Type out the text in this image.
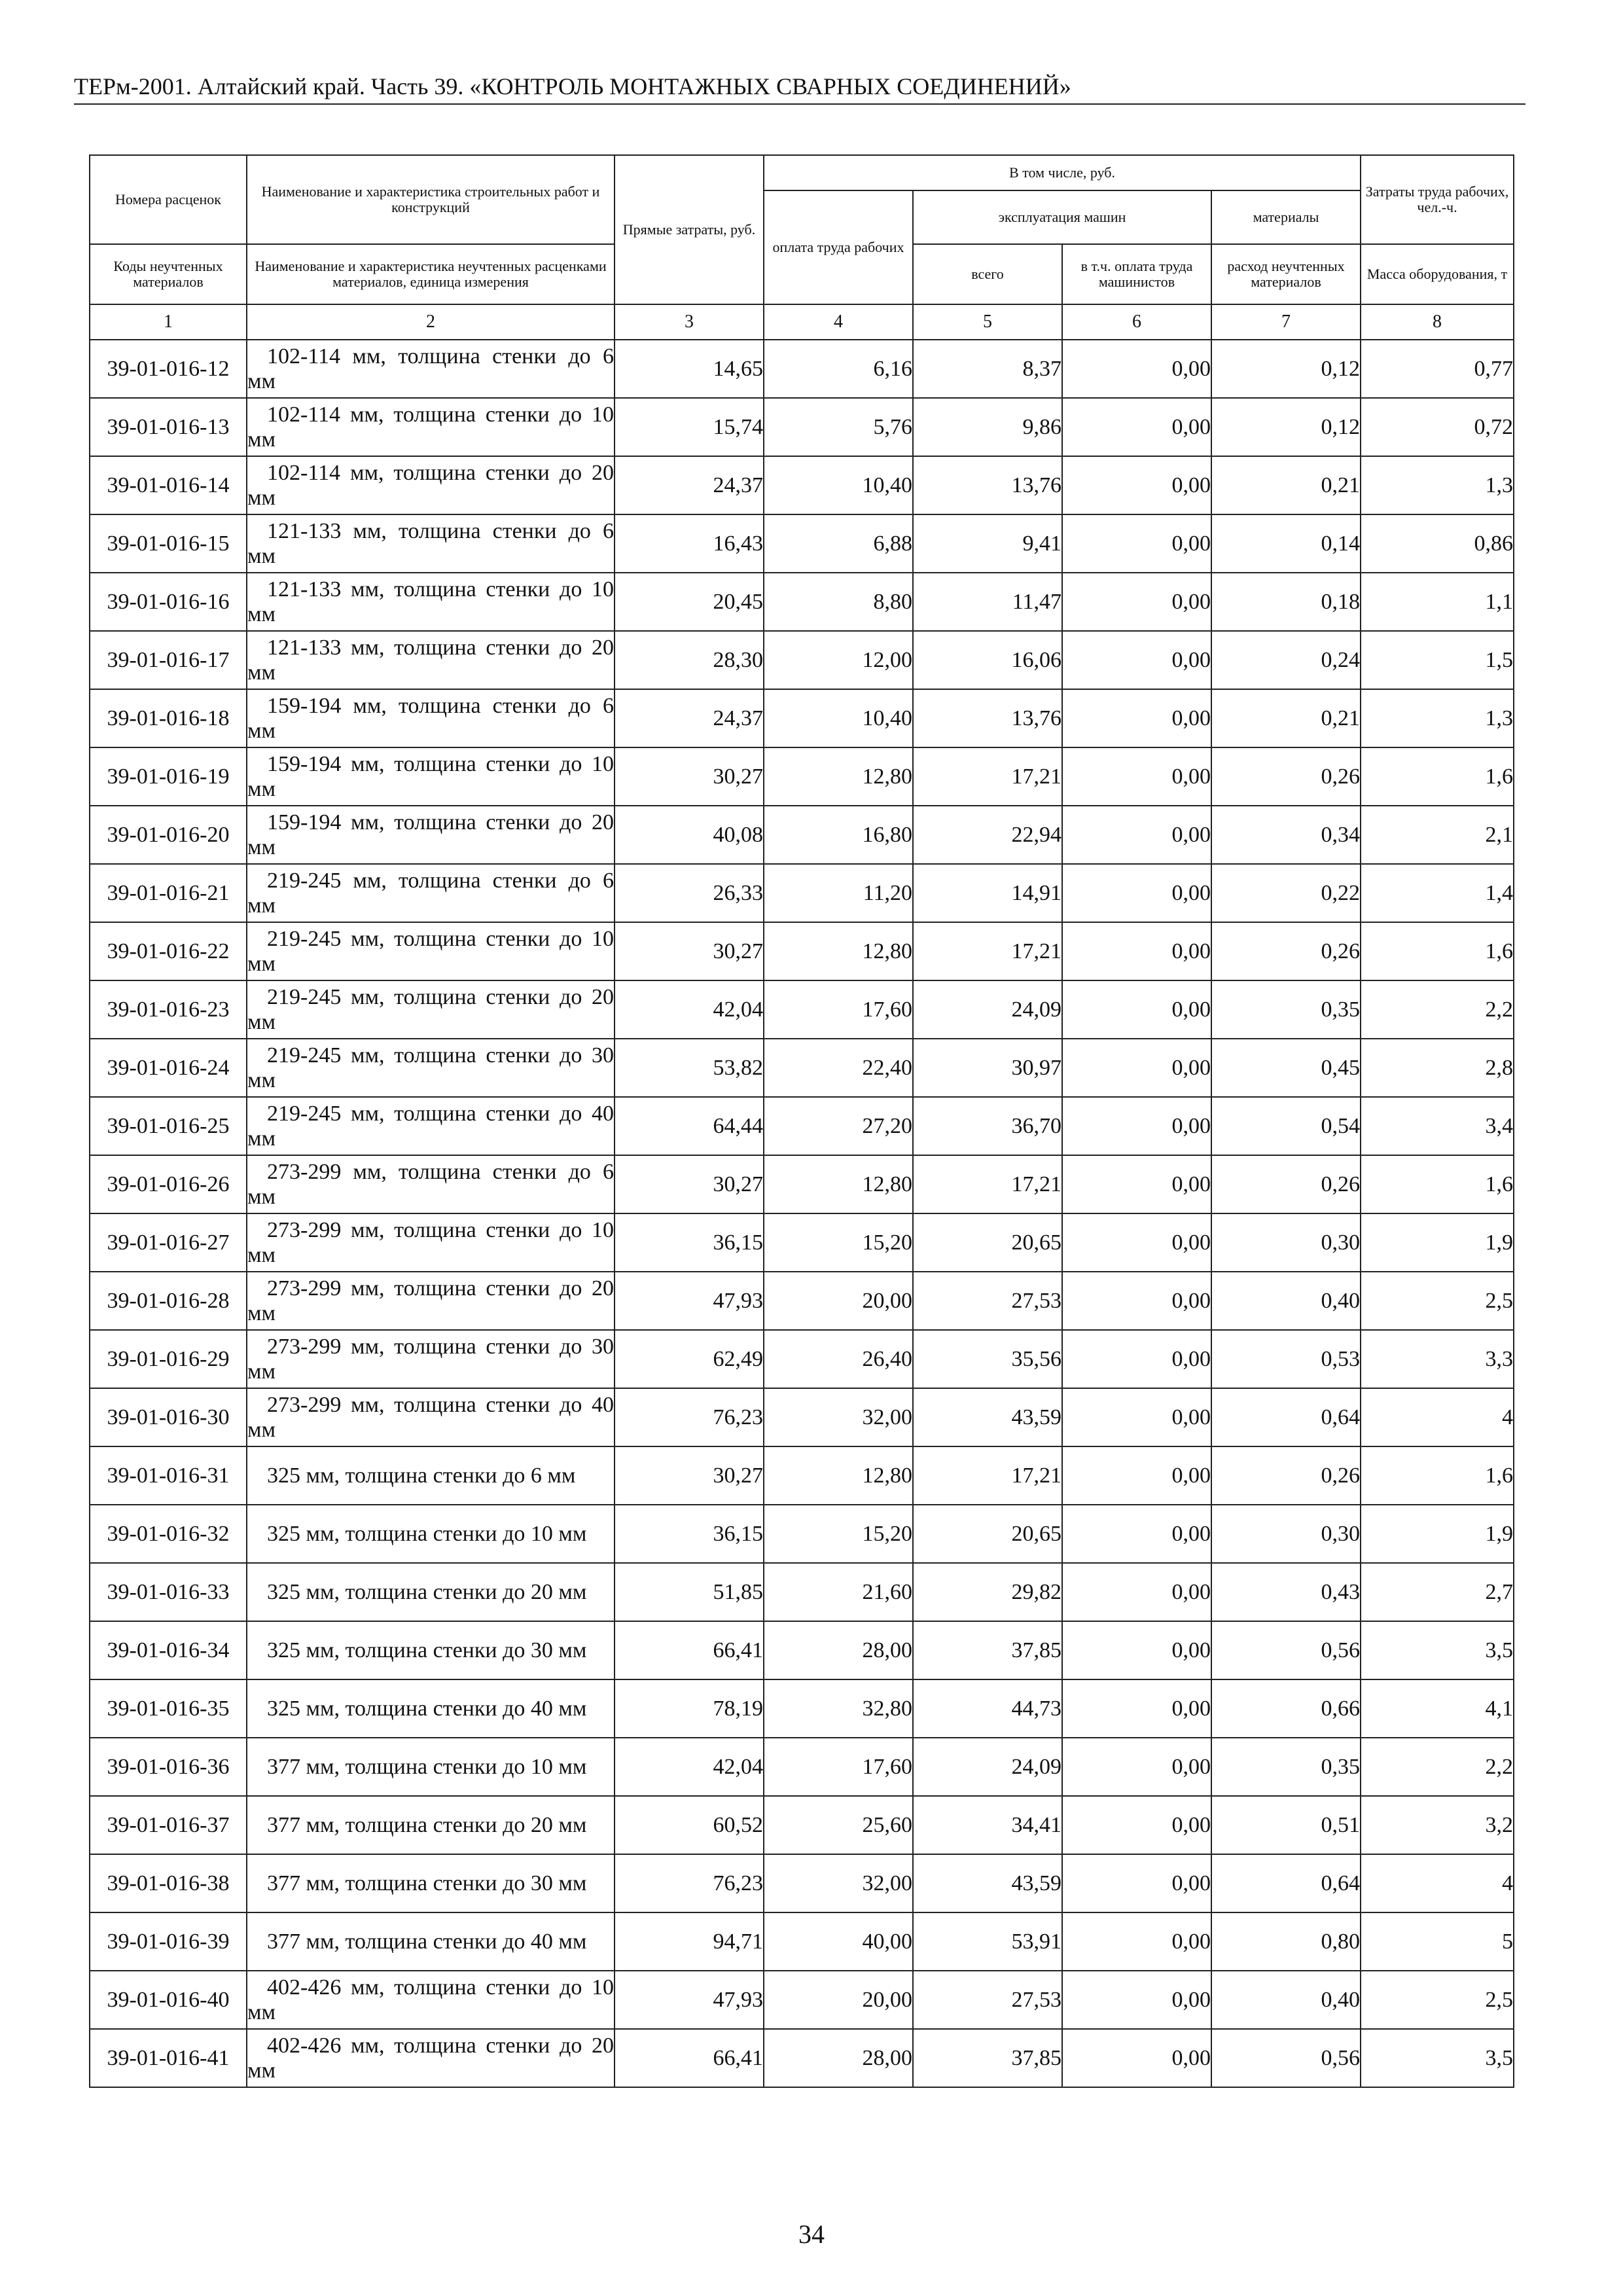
ТЕРм-2001. Алтайский край. Часть 39. «КОНТРОЛЬ МОНТАЖНЫХ СВАРНЫХ СОЕДИНЕНИЙ»
Номера расценок	Наименование и характеристика строительных работ и конструкций	Прямые затраты, руб.	В том числе, руб.				Затраты труда рабочих, чел.-ч.
			оплата труда рабочих	эксплуатация машин		материалы	
Коды неучтенных материалов	Наименование и характеристика неучтенных расценками материалов, единица измерения			всего	в т.ч. оплата труда машинистов	расход неучтенных материалов	Масса оборудования, т
1	2	3	4	5	6	7	8
39-01-016-12	102-114 мм, толщина стенки до 6 мм	14,65	6,16	8,37	0,00	0,12	0,77
39-01-016-13	102-114 мм, толщина стенки до 10 мм	15,74	5,76	9,86	0,00	0,12	0,72
39-01-016-14	102-114 мм, толщина стенки до 20 мм	24,37	10,40	13,76	0,00	0,21	1,3
39-01-016-15	121-133 мм, толщина стенки до 6 мм	16,43	6,88	9,41	0,00	0,14	0,86
39-01-016-16	121-133 мм, толщина стенки до 10 мм	20,45	8,80	11,47	0,00	0,18	1,1
39-01-016-17	121-133 мм, толщина стенки до 20 мм	28,30	12,00	16,06	0,00	0,24	1,5
39-01-016-18	159-194 мм, толщина стенки до 6 мм	24,37	10,40	13,76	0,00	0,21	1,3
39-01-016-19	159-194 мм, толщина стенки до 10 мм	30,27	12,80	17,21	0,00	0,26	1,6
39-01-016-20	159-194 мм, толщина стенки до 20 мм	40,08	16,80	22,94	0,00	0,34	2,1
39-01-016-21	219-245 мм, толщина стенки до 6 мм	26,33	11,20	14,91	0,00	0,22	1,4
39-01-016-22	219-245 мм, толщина стенки до 10 мм	30,27	12,80	17,21	0,00	0,26	1,6
39-01-016-23	219-245 мм, толщина стенки до 20 мм	42,04	17,60	24,09	0,00	0,35	2,2
39-01-016-24	219-245 мм, толщина стенки до 30 мм	53,82	22,40	30,97	0,00	0,45	2,8
39-01-016-25	219-245 мм, толщина стенки до 40 мм	64,44	27,20	36,70	0,00	0,54	3,4
39-01-016-26	273-299 мм, толщина стенки до 6 мм	30,27	12,80	17,21	0,00	0,26	1,6
39-01-016-27	273-299 мм, толщина стенки до 10 мм	36,15	15,20	20,65	0,00	0,30	1,9
39-01-016-28	273-299 мм, толщина стенки до 20 мм	47,93	20,00	27,53	0,00	0,40	2,5
39-01-016-29	273-299 мм, толщина стенки до 30 мм	62,49	26,40	35,56	0,00	0,53	3,3
39-01-016-30	273-299 мм, толщина стенки до 40 мм	76,23	32,00	43,59	0,00	0,64	4
39-01-016-31	325 мм, толщина стенки до 6 мм	30,27	12,80	17,21	0,00	0,26	1,6
39-01-016-32	325 мм, толщина стенки до 10 мм	36,15	15,20	20,65	0,00	0,30	1,9
39-01-016-33	325 мм, толщина стенки до 20 мм	51,85	21,60	29,82	0,00	0,43	2,7
39-01-016-34	325 мм, толщина стенки до 30 мм	66,41	28,00	37,85	0,00	0,56	3,5
39-01-016-35	325 мм, толщина стенки до 40 мм	78,19	32,80	44,73	0,00	0,66	4,1
39-01-016-36	377 мм, толщина стенки до 10 мм	42,04	17,60	24,09	0,00	0,35	2,2
39-01-016-37	377 мм, толщина стенки до 20 мм	60,52	25,60	34,41	0,00	0,51	3,2
39-01-016-38	377 мм, толщина стенки до 30 мм	76,23	32,00	43,59	0,00	0,64	4
39-01-016-39	377 мм, толщина стенки до 40 мм	94,71	40,00	53,91	0,00	0,80	5
39-01-016-40	402-426 мм, толщина стенки до 10 мм	47,93	20,00	27,53	0,00	0,40	2,5
39-01-016-41	402-426 мм, толщина стенки до 20 мм	66,41	28,00	37,85	0,00	0,56	3,5
34
